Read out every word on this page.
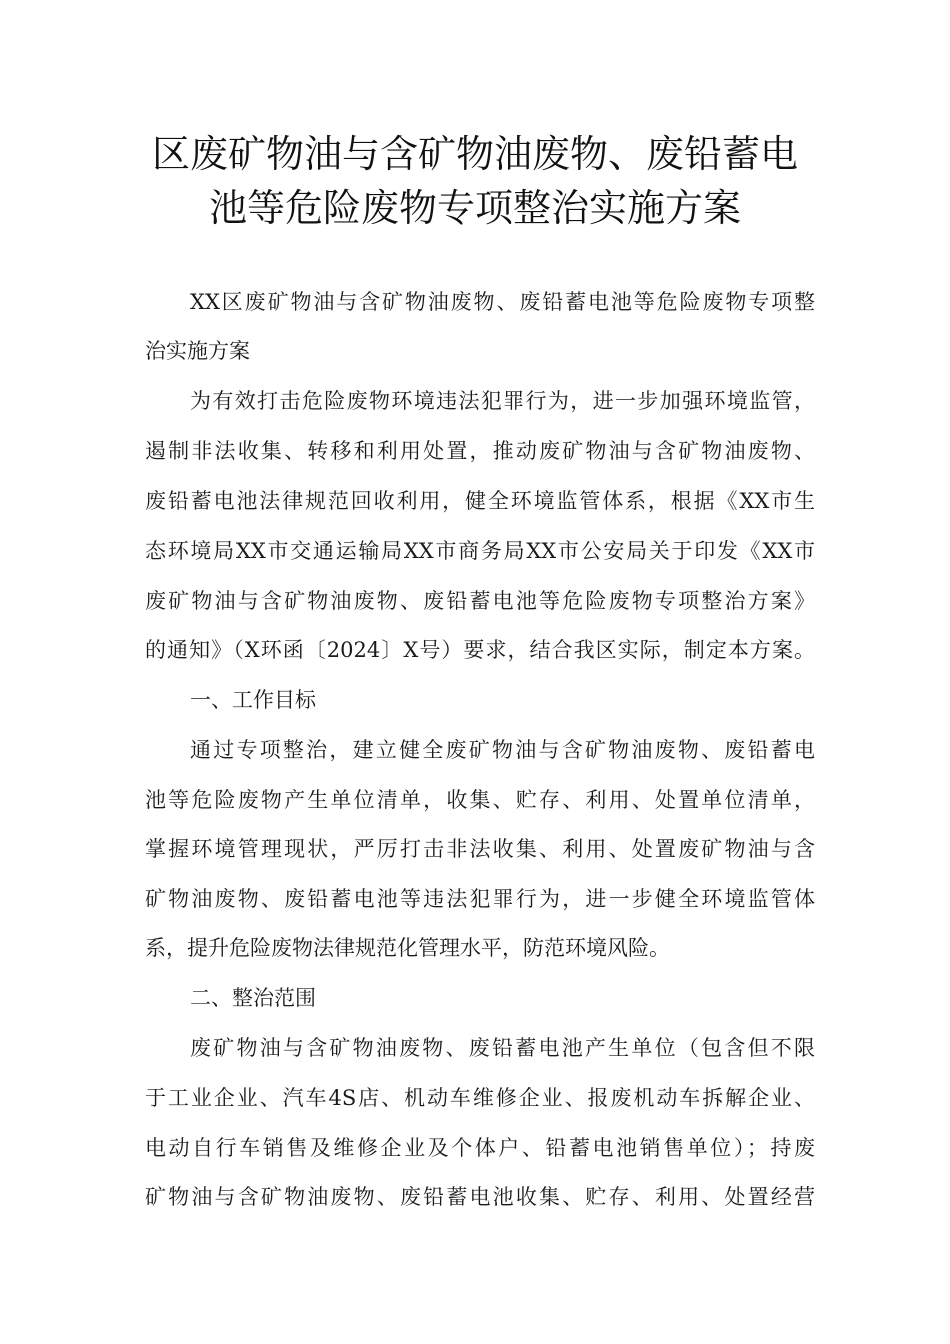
区废矿物油与含矿物油废物、废铅蓄电
池等危险废物专项整治实施方案
XX区废矿物油与含矿物油废物、废铅蓄电池等危险废物专项整
治实施方案
为有效打击危险废物环境违法犯罪行为，进一步加强环境监管，
遏制非法收集、转移和利用处置，推动废矿物油与含矿物油废物、
废铅蓄电池法律规范回收利用，健全环境监管体系，根据《XX市生
态环境局XX市交通运输局XX市商务局XX市公安局关于印发《XX市
废矿物油与含矿物油废物、废铅蓄电池等危险废物专项整治方案》
的通知》（X环函〔2024〕X号）要求，结合我区实际，制定本方案。
一、工作目标
通过专项整治，建立健全废矿物油与含矿物油废物、废铅蓄电
池等危险废物产生单位清单，收集、贮存、利用、处置单位清单，
掌握环境管理现状，严厉打击非法收集、利用、处置废矿物油与含
矿物油废物、废铅蓄电池等违法犯罪行为，进一步健全环境监管体
系，提升危险废物法律规范化管理水平，防范环境风险。
二、整治范围
废矿物油与含矿物油废物、废铅蓄电池产生单位（包含但不限
于工业企业、汽车4S店、机动车维修企业、报废机动车拆解企业、
电动自行车销售及维修企业及个体户、铅蓄电池销售单位）；持废
矿物油与含矿物油废物、废铅蓄电池收集、贮存、利用、处置经营
